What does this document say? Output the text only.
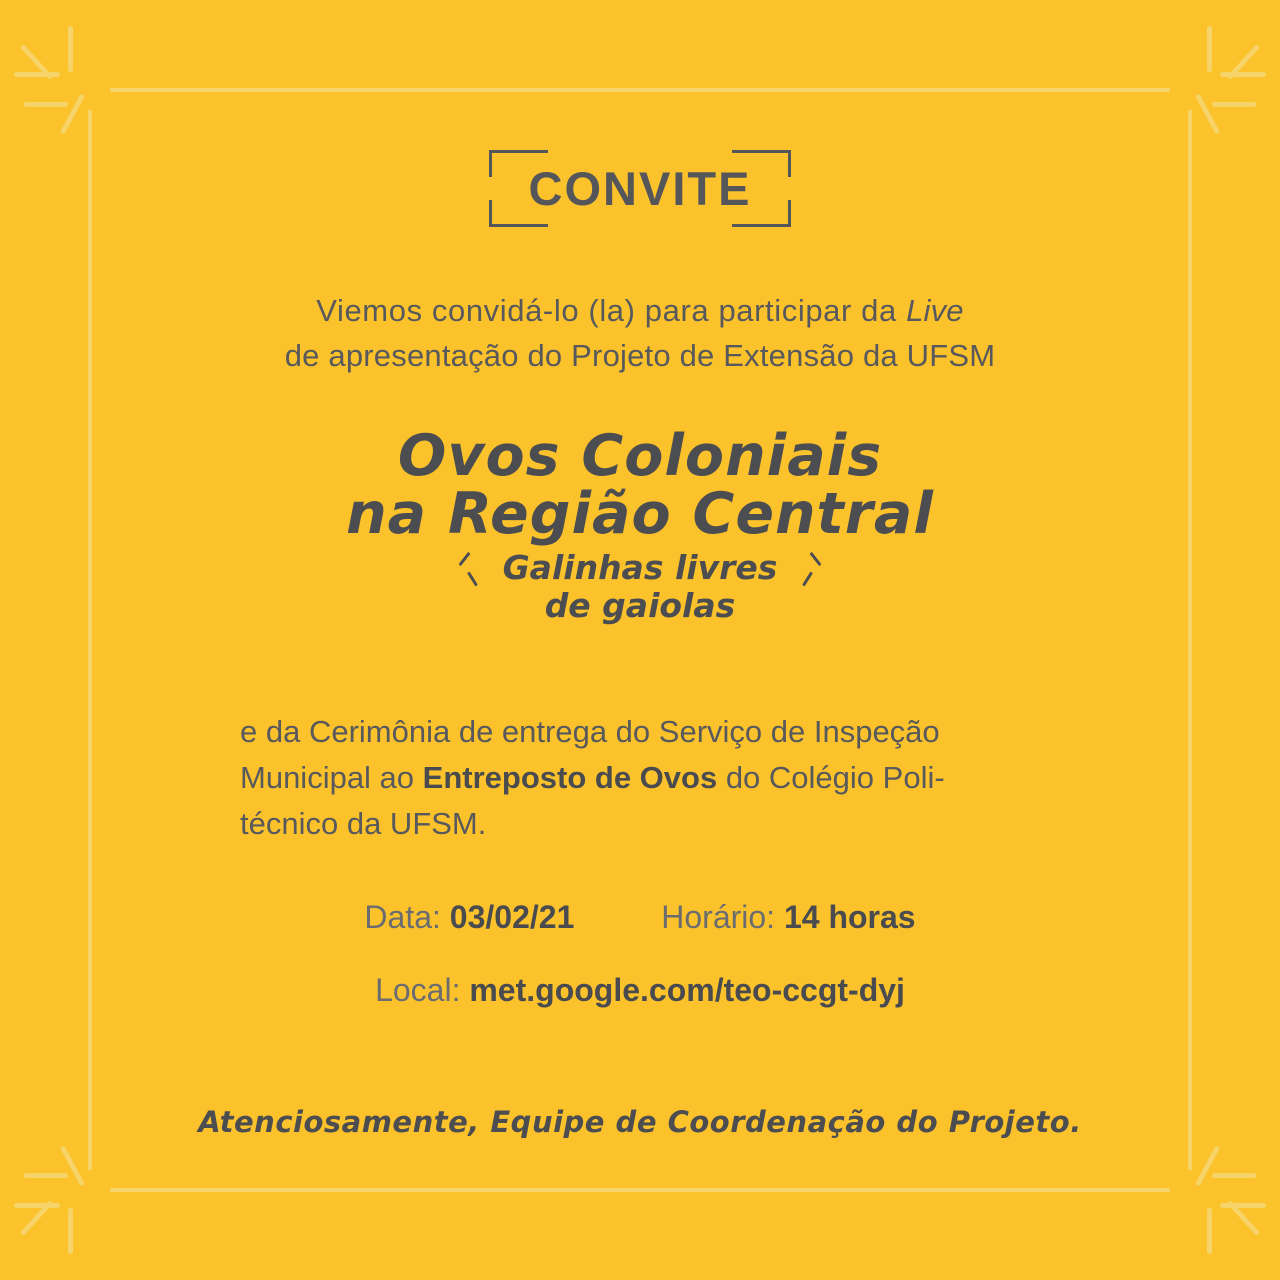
CONVITE
Viemos convidá-lo (la) para participar da Live
de apresentação do Projeto de Extensão da UFSM
Ovos Coloniais
na Região Central
Galinhas livres
de gaiolas
e da Cerimônia de entrega do Serviço de Inspeção Municipal ao Entreposto de Ovos do Colégio Poli-técnico da UFSM.
Data: 03/02/21	Horário: 14 horas
Local: met.google.com/teo-ccgt-dyj
Atenciosamente, Equipe de Coordenação do Projeto.
